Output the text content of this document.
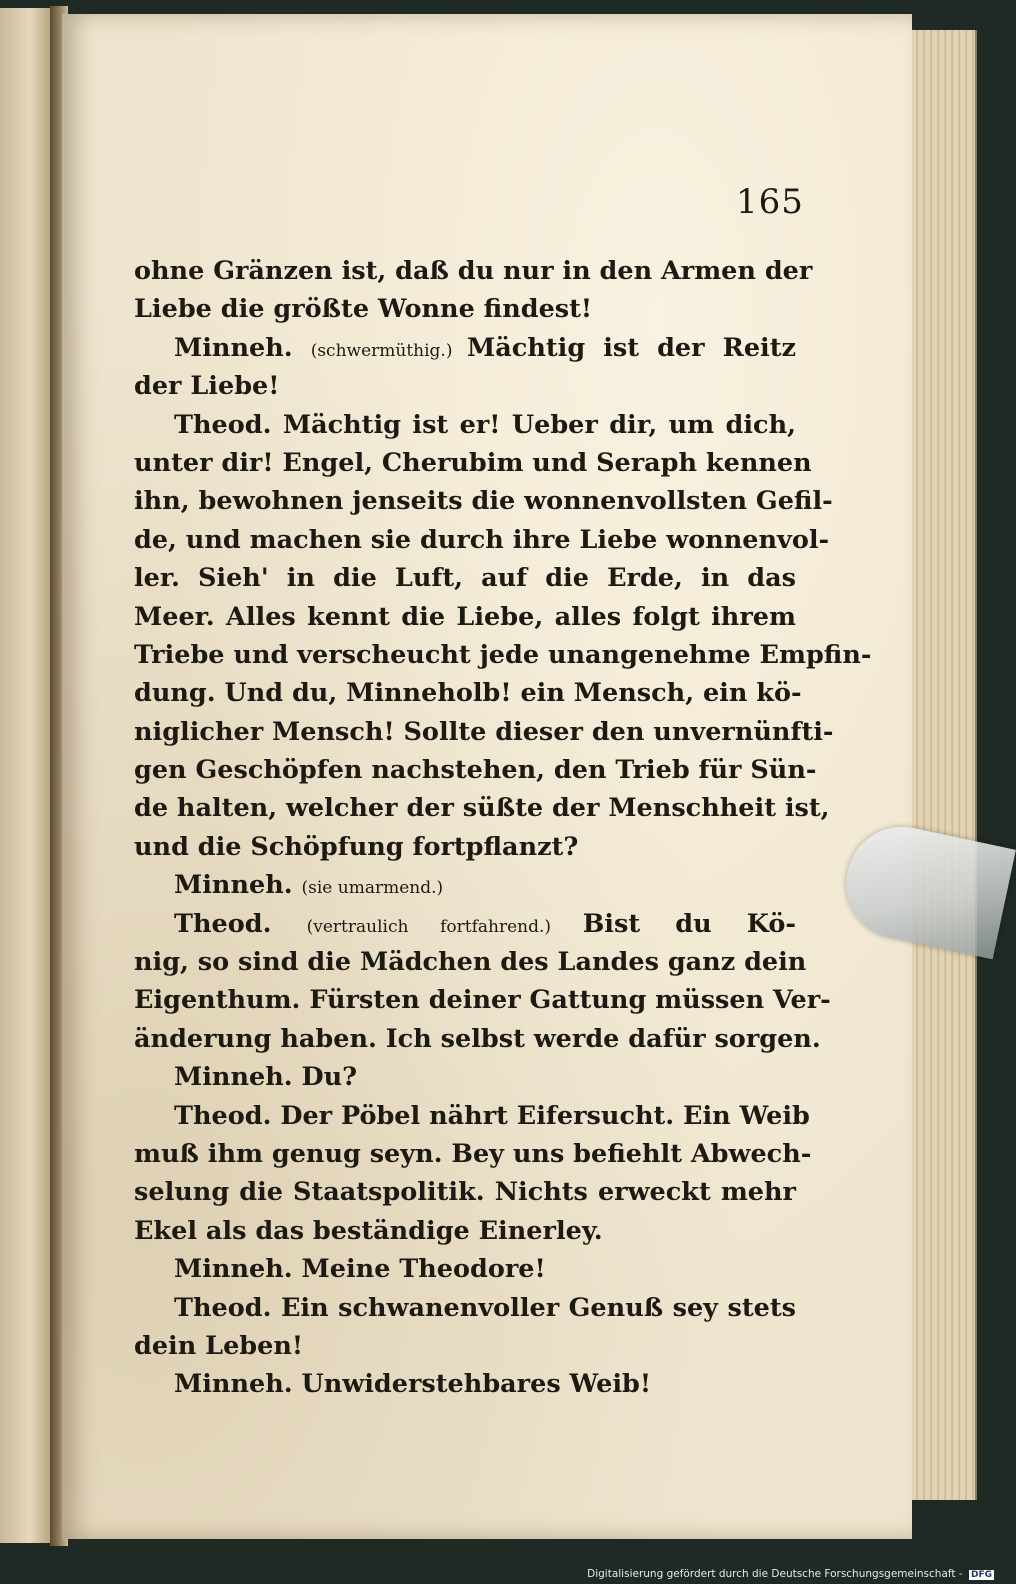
165
ohne Gränzen ist, daß du nur in den Armen der
Liebe die größte Wonne findest!
Minneh. (schwermüthig.) Mächtig ist der Reitz
der Liebe!
Theod. Mächtig ist er! Ueber dir, um dich,
unter dir! Engel, Cherubim und Seraph kennen
ihn, bewohnen jenseits die wonnenvollsten Gefil-
de, und machen sie durch ihre Liebe wonnenvol-
ler. Sieh' in die Luft, auf die Erde, in das
Meer. Alles kennt die Liebe, alles folgt ihrem
Triebe und verscheucht jede unangenehme Empfin-
dung. Und du, Minneholb! ein Mensch, ein kö-
niglicher Mensch! Sollte dieser den unvernünfti-
gen Geschöpfen nachstehen, den Trieb für Sün-
de halten, welcher der süßte der Menschheit ist,
und die Schöpfung fortpflanzt?
Minneh. (sie umarmend.)
Theod. (vertraulich fortfahrend.) Bist du Kö-
nig, so sind die Mädchen des Landes ganz dein
Eigenthum. Fürsten deiner Gattung müssen Ver-
änderung haben. Ich selbst werde dafür sorgen.
Minneh. Du?
Theod. Der Pöbel nährt Eifersucht. Ein Weib
muß ihm genug seyn. Bey uns befiehlt Abwech-
selung die Staatspolitik. Nichts erweckt mehr
Ekel als das beständige Einerley.
Minneh. Meine Theodore!
Theod. Ein schwanenvoller Genuß sey stets
dein Leben!
Minneh. Unwiderstehbares Weib!
Digitalisierung gefördert durch die Deutsche Forschungsgemeinschaft - DFG
